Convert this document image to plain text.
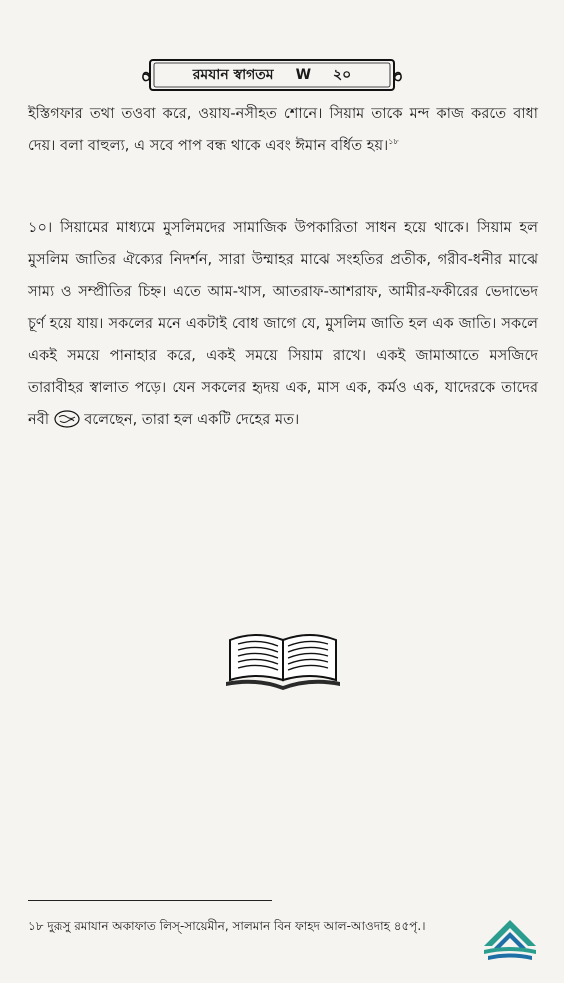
রমযান স্বাগতম W ২০

ইস্তিগফার তথা তওবা করে, ওয়ায-নসীহত শোনে। সিয়াম তাকে মন্দ কাজ করতে বাধা দেয়। বলা বাহুল্য, এ সবে পাপ বন্ধ থাকে এবং ঈমান বর্ধিত হয়।$^{১৮}$

১০। সিয়ামের মাধ্যমে মুসলিমদের সামাজিক উপকারিতা সাধন হয়ে থাকে। সিয়াম হল মুসলিম জাতির ঐক্যের নিদর্শন, সারা উম্মাহর মাঝে সংহতির প্রতীক, গরীব-ধনীর মাঝে সাম্য ও সম্প্রীতির চিহ্ন। এতে আম-খাস, আতরাফ-আশরাফ, আমীর-ফকীরের ভেদাভেদ চূর্ণ হয়ে যায়। সকলের মনে একটাই বোধ জাগে যে, মুসলিম জাতি হল এক জাতি। সকলে একই সময়ে পানাহার করে, একই সময়ে সিয়াম রাখে। একই জামাআতে মসজিদে তারাবীহর স্বালাত পড়ে। যেন সকলের হৃদয় এক, মাস এক, কর্মও এক, যাদেরকে তাদের নবী বলেছেন, তারা হল একটি দেহের মত।

১৮ দুরূসু রমাযান অকাফাত লিস্‌-সায়েমীন, সালমান বিন ফাহদ আল-আওদাহ ৪৫পৃ.।
